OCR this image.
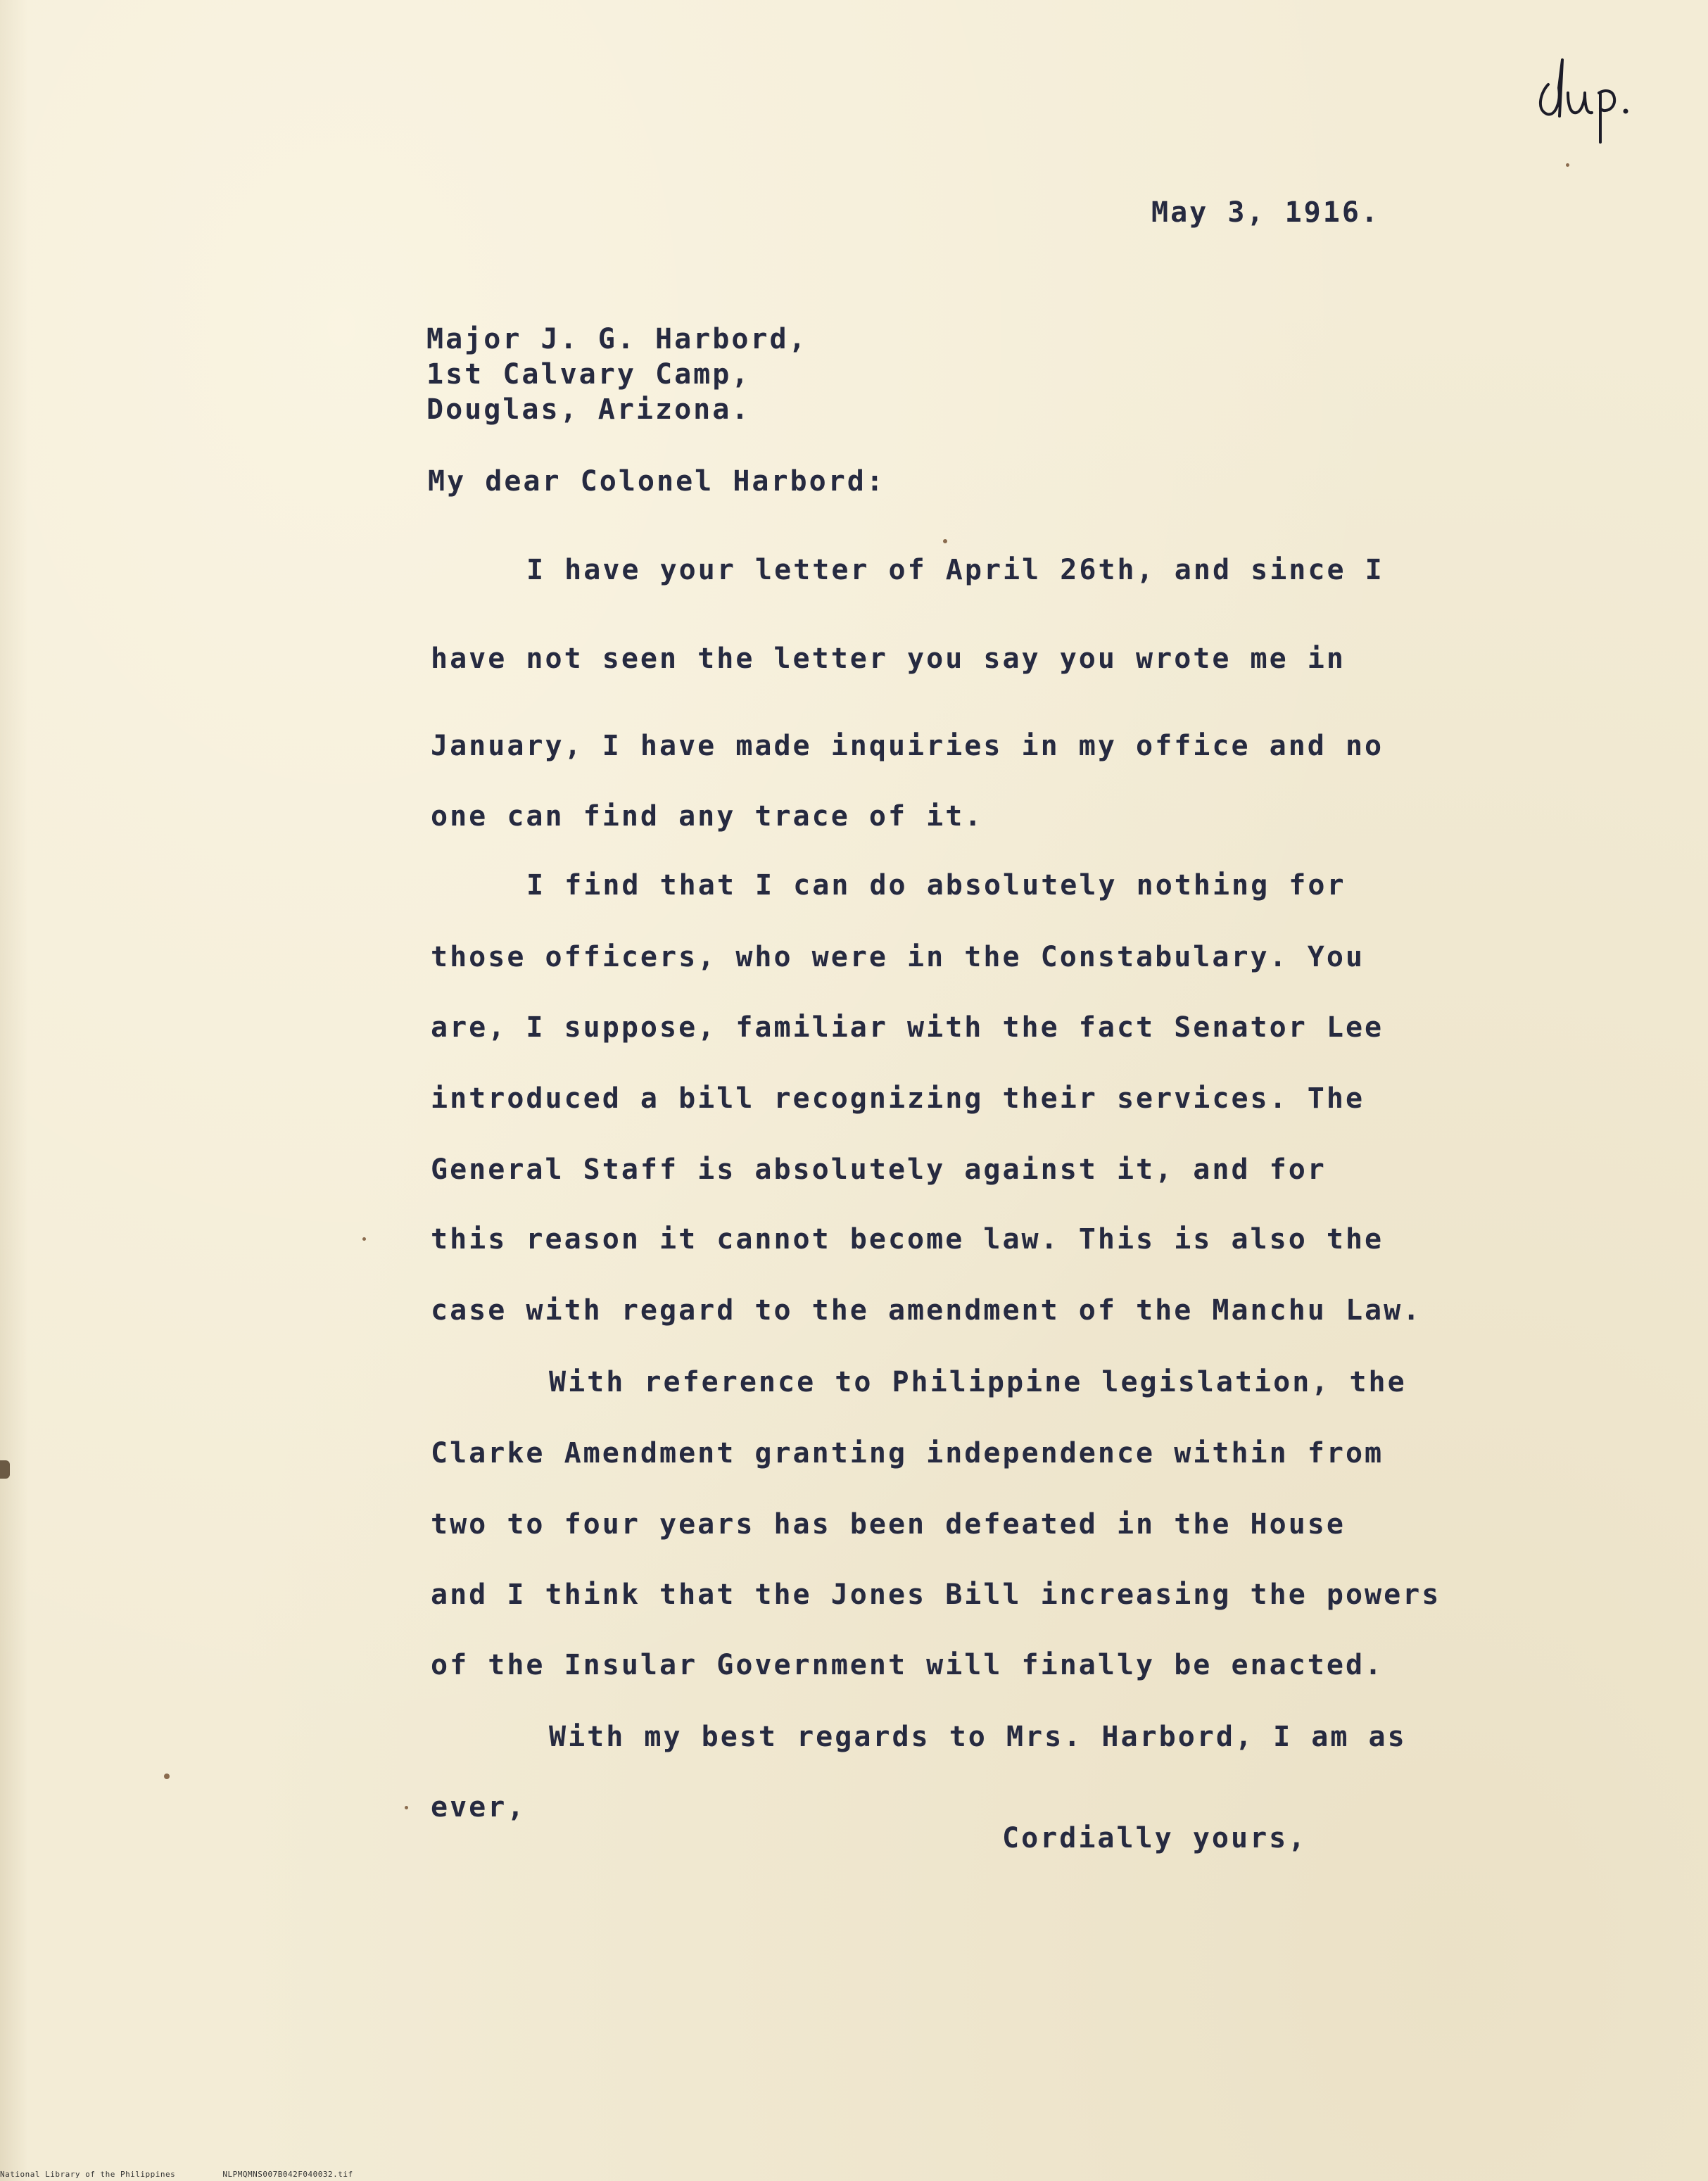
May 3, 1916.
Major J. G. Harbord,
1st Calvary Camp,
Douglas, Arizona.
My dear Colonel Harbord:
I have your letter of April 26th, and since I
have not seen the letter you say you wrote me in
January, I have made inquiries in my office and no
one can find any trace of it.
I find that I can do absolutely nothing for
those officers, who were in the Constabulary. You
are, I suppose, familiar with the fact Senator Lee
introduced a bill recognizing their services. The
General Staff is absolutely against it, and for
this reason it cannot become law. This is also the
case with regard to the amendment of the Manchu Law.
With reference to Philippine legislation, the
Clarke Amendment granting independence within from
two to four years has been defeated in the House
and I think that the Jones Bill increasing the powers
of the Insular Government will finally be enacted.
With my best regards to Mrs. Harbord, I am as
ever,
Cordially yours,
National Library of the Philippines	NLPMQMNS007B042F040032.tif
